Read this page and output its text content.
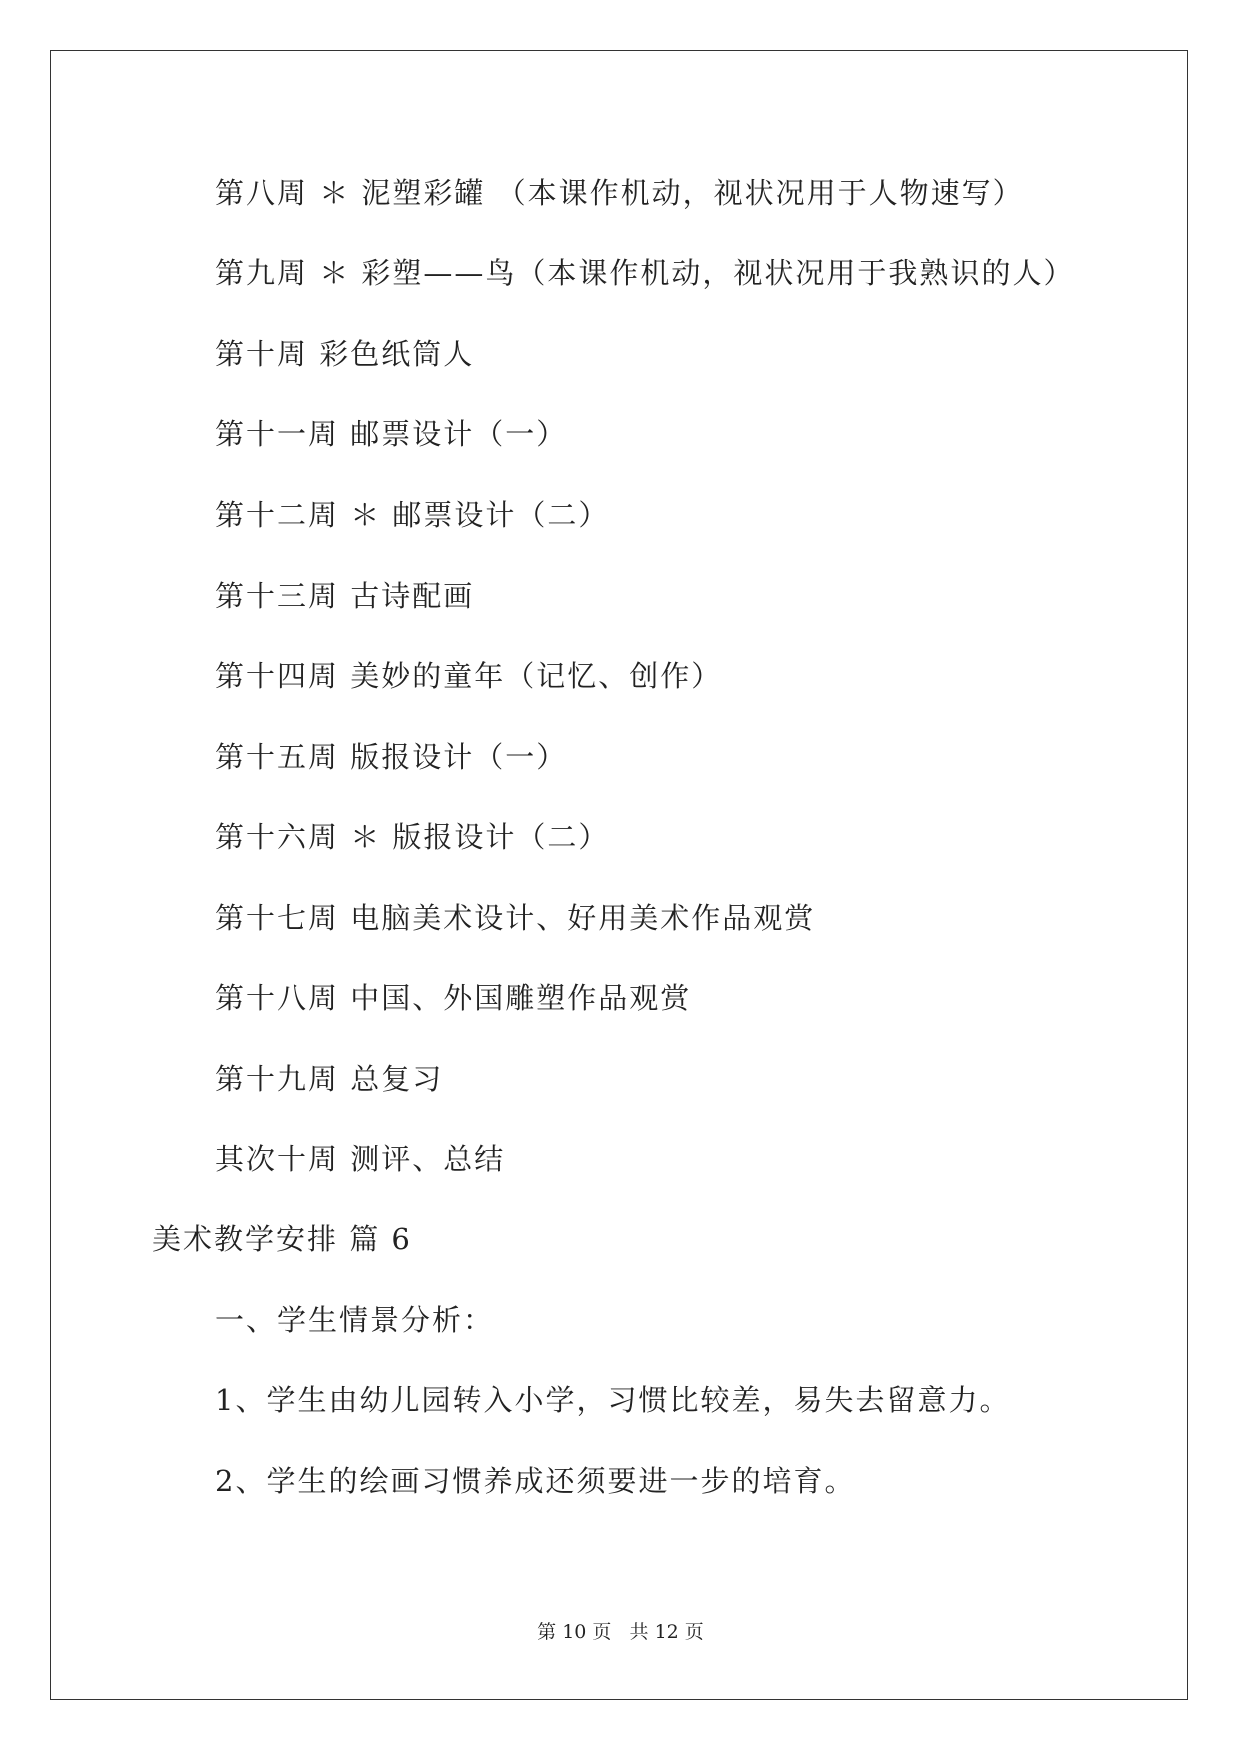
第八周 ＊ 泥塑彩罐 （本课作机动，视状况用于人物速写）
第九周 ＊ 彩塑——鸟（本课作机动，视状况用于我熟识的人）
第十周 彩色纸筒人
第十一周 邮票设计（一）
第十二周 ＊ 邮票设计（二）
第十三周 古诗配画
第十四周 美妙的童年（记忆、创作）
第十五周 版报设计（一）
第十六周 ＊ 版报设计（二）
第十七周 电脑美术设计、好用美术作品观赏
第十八周 中国、外国雕塑作品观赏
第十九周 总复习
其次十周 测评、总结
美术教学安排 篇 6
一、学生情景分析：
1、学生由幼儿园转入小学，习惯比较差，易失去留意力。
2、学生的绘画习惯养成还须要进一步的培育。
第 10 页   共 12 页
